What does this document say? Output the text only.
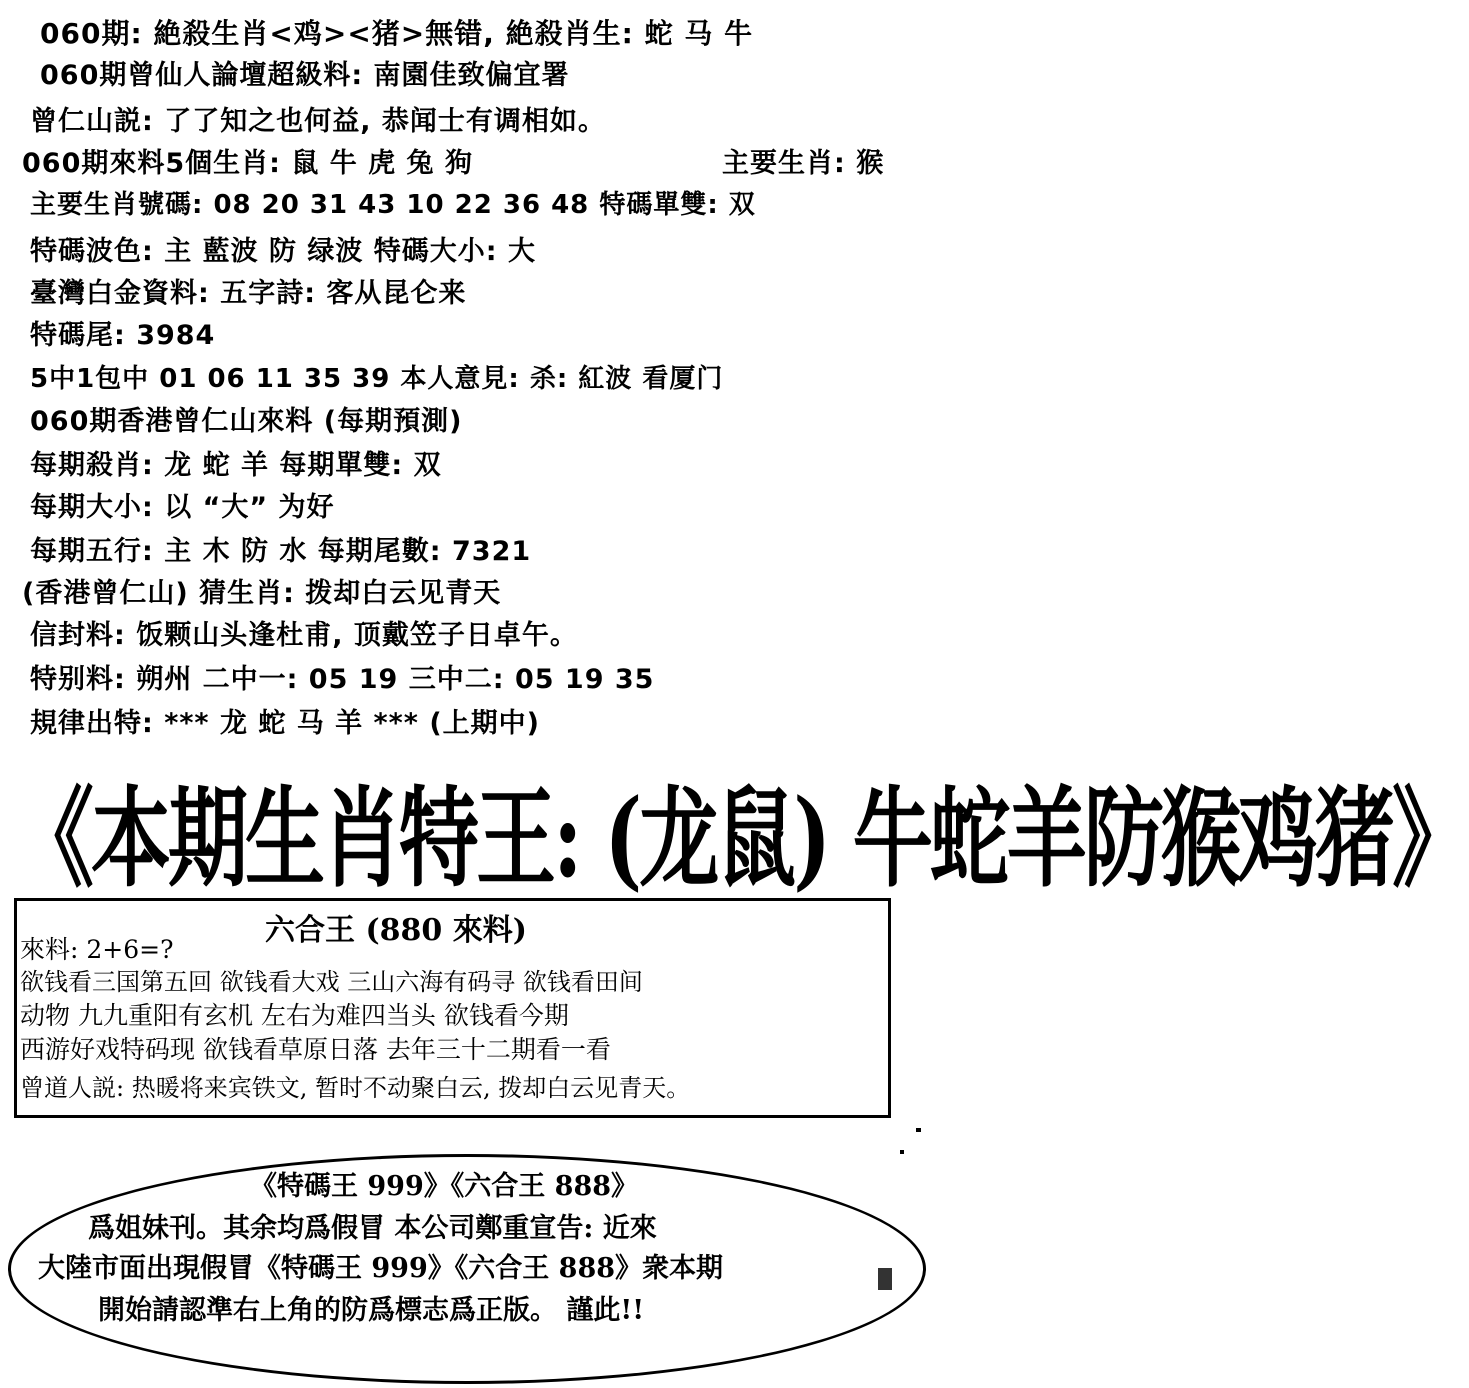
060期: 絶殺生肖<鸡><猪>無错, 絶殺肖生: 蛇 马 牛
060期曾仙人論壇超級料: 南園佳致偏宜署
曾仁山説: 了了知之也何益, 恭闻士有调相如。
060期來料5個生肖: 鼠 牛 虎 兔 狗	主要生肖: 猴
主要生肖號碼: 08 20 31 43 10 22 36 48 特碼單雙: 双
特碼波色: 主 藍波 防 绿波 特碼大小: 大
臺灣白金資料: 五字詩: 客从昆仑来
特碼尾: 3984
5中1包中 01 06 11 35 39 本人意見: 杀: 紅波 看厦门
060期香港曾仁山來料 (每期預測)
每期殺肖: 龙 蛇 羊 每期單雙: 双
每期大小: 以 “大” 为好
每期五行: 主 木 防 水 每期尾數: 7321
(香港曾仁山) 猜生肖: 拨却白云见青天
信封料: 饭颗山头逢杜甫, 顶戴笠子日卓午。
特别料: 朔州 二中一: 05 19 三中二: 05 19 35
規律出特: *** 龙 蛇 马 羊 *** (上期中)
《本期生肖特王: (龙鼠) 牛蛇羊防猴鸡猪》
六合王 (880 來料)
來料: 2+6=?
欲钱看三国第五回 欲钱看大戏 三山六海有码寻 欲钱看田间
动物 九九重阳有玄机 左右为难四当头 欲钱看今期
西游好戏特码现 欲钱看草原日落 去年三十二期看一看
曾道人説: 热暖将来宾铁文, 暂时不动聚白云, 拨却白云见青天。
《特碼王 999》《六合王 888》
爲姐妹刊。其余均爲假冒 本公司鄭重宣告: 近來
大陸市面出現假冒《特碼王 999》《六合王 888》衆本期
開始請認準右上角的防爲標志爲正版。 謹此!!
